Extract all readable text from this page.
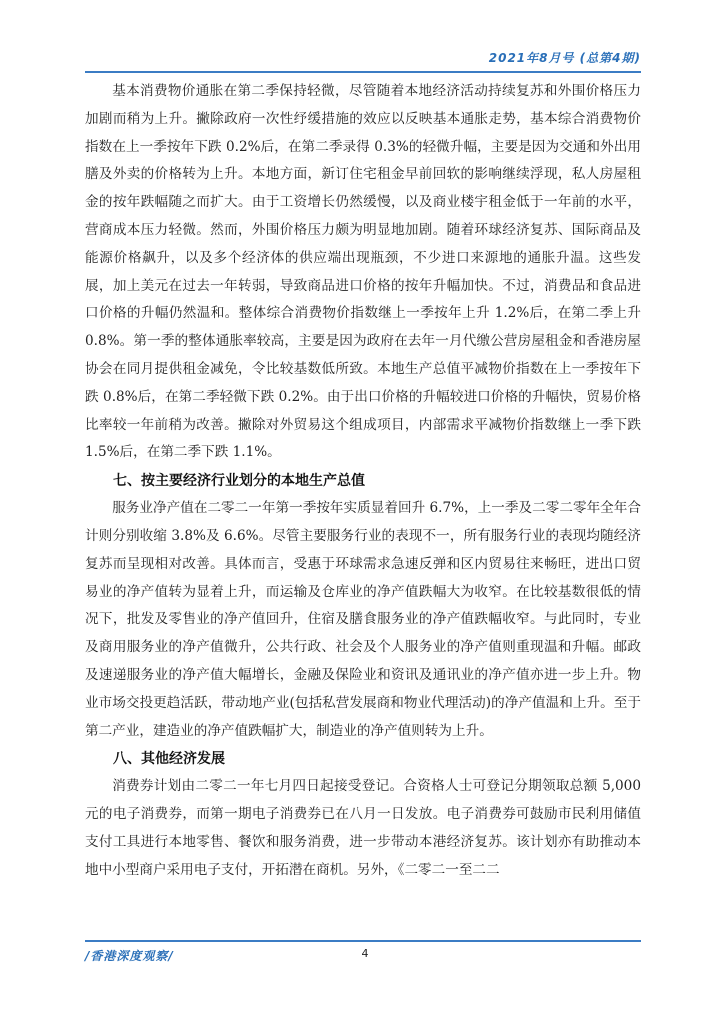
2021年8月号 (总第4期)

基本消费物价通胀在第二季保持轻微，尽管随着本地经济活动持续复苏和外围价格压力加剧而稍为上升。撇除政府一次性纾缓措施的效应以反映基本通胀走势，基本综合消费物价指数在上一季按年下跌 0.2%后，在第二季录得 0.3%的轻微升幅，主要是因为交通和外出用膳及外卖的价格转为上升。本地方面，新订住宅租金早前回软的影响继续浮现，私人房屋租金的按年跌幅随之而扩大。由于工资增长仍然缓慢，以及商业楼宇租金低于一年前的水平，营商成本压力轻微。然而，外围价格压力颇为明显地加剧。随着环球经济复苏、国际商品及能源价格飙升，以及多个经济体的供应端出现瓶颈，不少进口来源地的通胀升温。这些发展，加上美元在过去一年转弱，导致商品进口价格的按年升幅加快。不过，消费品和食品进口价格的升幅仍然温和。整体综合消费物价指数继上一季按年上升 1.2%后，在第二季上升 0.8%。第一季的整体通胀率较高，主要是因为政府在去年一月代缴公营房屋租金和香港房屋协会在同月提供租金减免，令比较基数低所致。本地生产总值平减物价指数在上一季按年下跌 0.8%后，在第二季轻微下跌 0.2%。由于出口价格的升幅较进口价格的升幅快，贸易价格比率较一年前稍为改善。撇除对外贸易这个组成项目，内部需求平减物价指数继上一季下跌 1.5%后，在第二季下跌 1.1%。

七、按主要经济行业划分的本地生产总值

服务业净产值在二零二一年第一季按年实质显着回升 6.7%，上一季及二零二零年全年合计则分别收缩 3.8%及 6.6%。尽管主要服务行业的表现不一，所有服务行业的表现均随经济复苏而呈现相对改善。具体而言，受惠于环球需求急速反弹和区内贸易往来畅旺，进出口贸易业的净产值转为显着上升，而运输及仓库业的净产值跌幅大为收窄。在比较基数很低的情况下，批发及零售业的净产值回升，住宿及膳食服务业的净产值跌幅收窄。与此同时，专业及商用服务业的净产值微升，公共行政、社会及个人服务业的净产值则重现温和升幅。邮政及速递服务业的净产值大幅增长，金融及保险业和资讯及通讯业的净产值亦进一步上升。物业市场交投更趋活跃，带动地产业(包括私营发展商和物业代理活动)的净产值温和上升。至于第二产业，建造业的净产值跌幅扩大，制造业的净产值则转为上升。

八、其他经济发展

消费券计划由二零二一年七月四日起接受登记。合资格人士可登记分期领取总额 5,000元的电子消费券，而第一期电子消费券已在八月一日发放。电子消费券可鼓励市民利用储值支付工具进行本地零售、餐饮和服务消费，进一步带动本港经济复苏。该计划亦有助推动本地中小型商户采用电子支付，开拓潜在商机。另外，《二零二一至二二

/香港深度观察/	4
